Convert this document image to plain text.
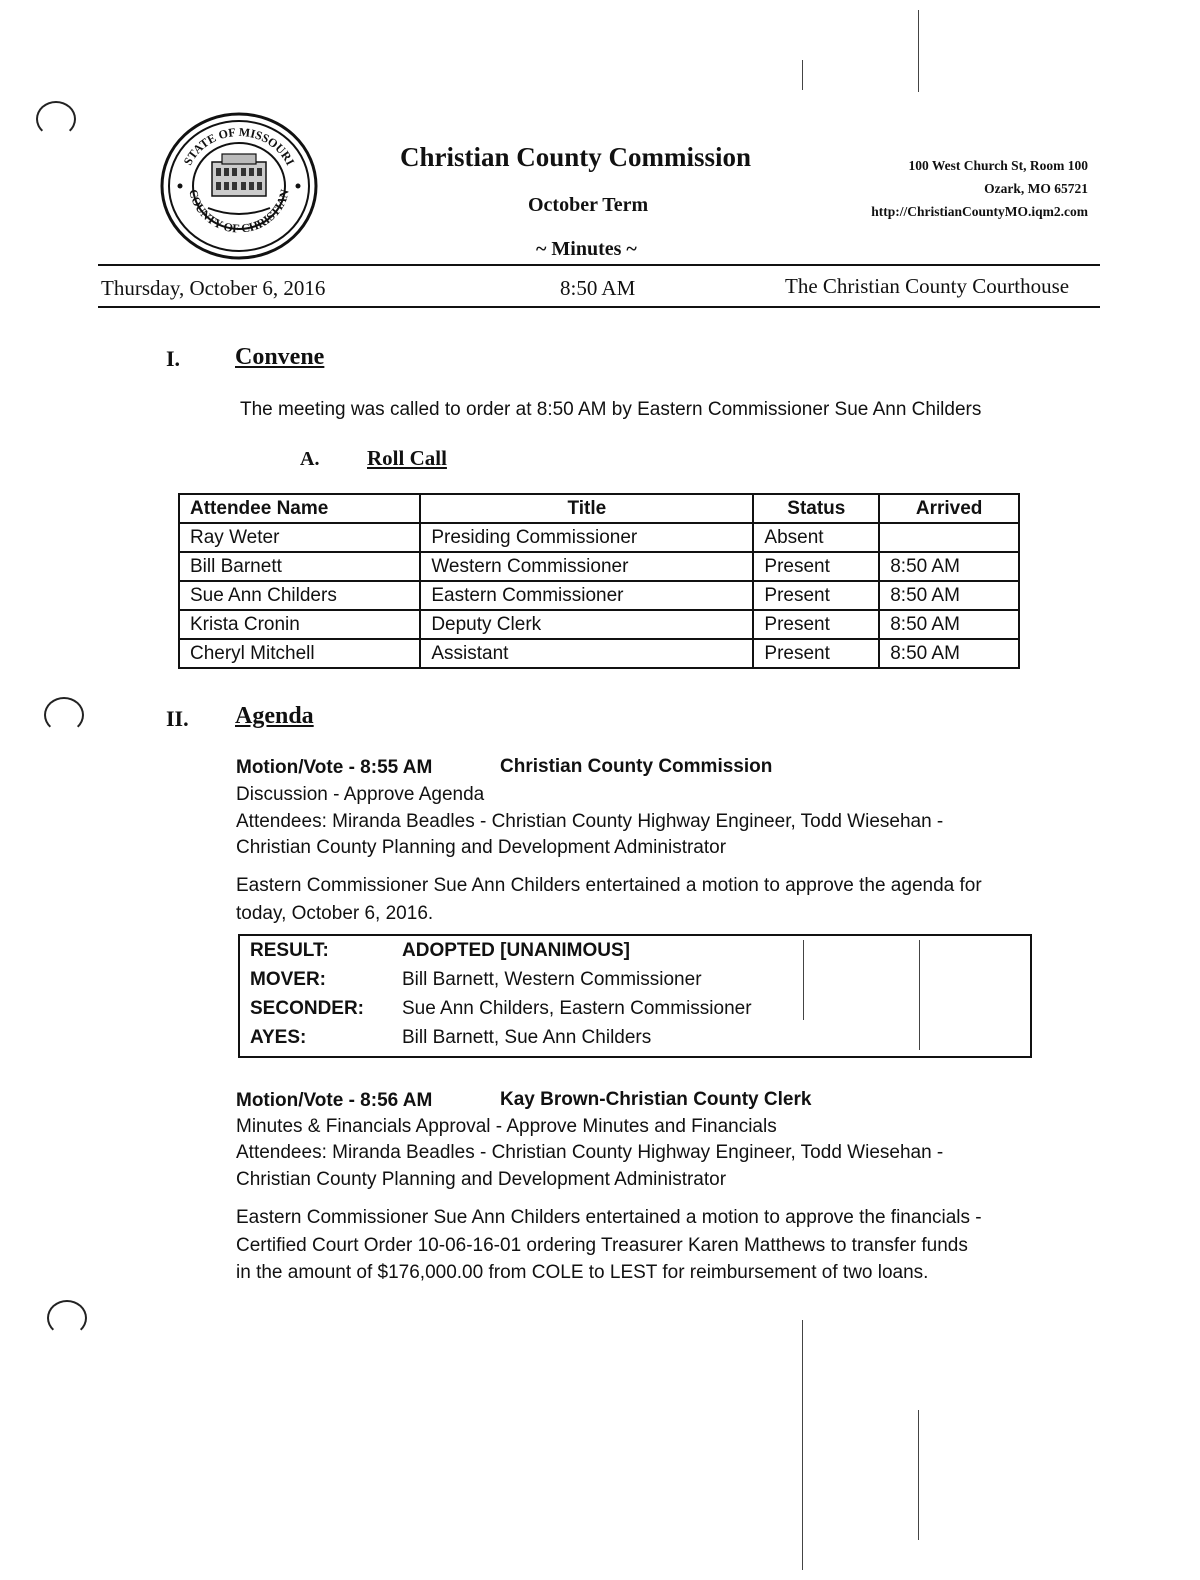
STATE OF MISSOURI
COUNTY OF CHRISTIAN
Christian County Commission
October Term
~ Minutes ~
100 West Church St, Room 100
Ozark, MO 65721
http://ChristianCountyMO.iqm2.com
Thursday, October 6, 2016	8:50 AM	The Christian County Courthouse
I. Convene
The meeting was called to order at 8:50 AM by Eastern Commissioner Sue Ann Childers
A. Roll Call
Attendee Name	Title	Status	Arrived
Ray Weter	Presiding Commissioner	Absent	
Bill Barnett	Western Commissioner	Present	8:50 AM
Sue Ann Childers	Eastern Commissioner	Present	8:50 AM
Krista Cronin	Deputy Clerk	Present	8:50 AM
Cheryl Mitchell	Assistant	Present	8:50 AM
II. Agenda
Motion/Vote - 8:55 AM	Christian County Commission
Discussion - Approve Agenda
Attendees: Miranda Beadles - Christian County Highway Engineer, Todd Wiesehan -
Christian County Planning and Development Administrator
Eastern Commissioner Sue Ann Childers entertained a motion to approve the agenda for
today, October 6, 2016.
RESULT:	ADOPTED [UNANIMOUS]
MOVER:	Bill Barnett, Western Commissioner
SECONDER: Sue Ann Childers, Eastern Commissioner
AYES:	Bill Barnett, Sue Ann Childers
Motion/Vote - 8:56 AM	Kay Brown-Christian County Clerk
Minutes & Financials Approval - Approve Minutes and Financials
Attendees: Miranda Beadles - Christian County Highway Engineer, Todd Wiesehan -
Christian County Planning and Development Administrator
Eastern Commissioner Sue Ann Childers entertained a motion to approve the financials -
Certified Court Order 10-06-16-01 ordering Treasurer Karen Matthews to transfer funds
in the amount of $176,000.00 from COLE to LEST for reimbursement of two loans.
